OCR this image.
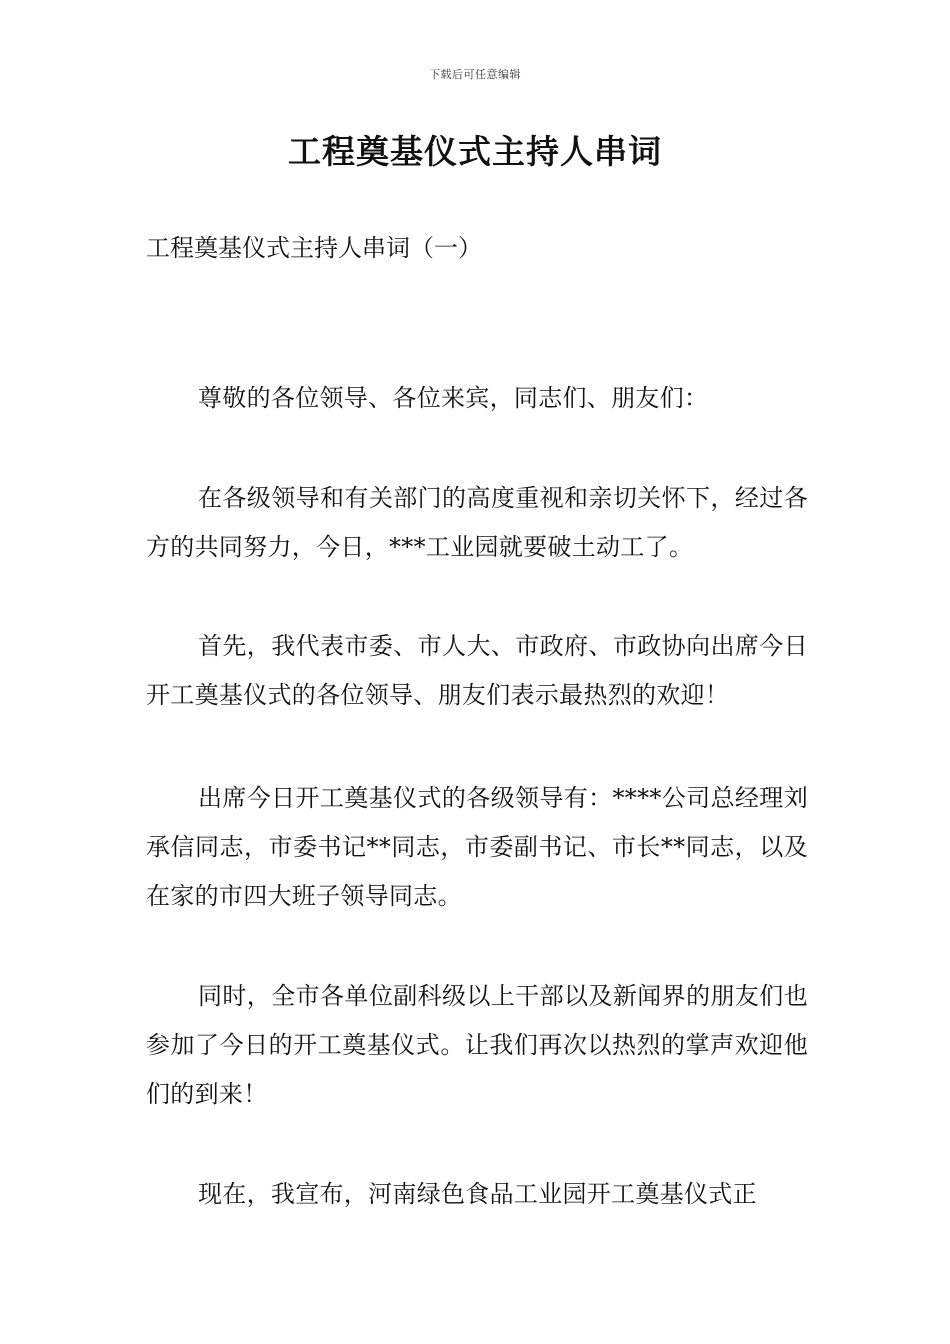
下载后可任意编辑
工程奠基仪式主持人串词
工程奠基仪式主持人串词（一）

尊敬的各位领导、各位来宾，同志们、朋友们：

在各级领导和有关部门的高度重视和亲切关怀下，经过各方的共同努力，今日，***工业园就要破土动工了。

首先，我代表市委、市人大、市政府、市政协向出席今日开工奠基仪式的各位领导、朋友们表示最热烈的欢迎！

出席今日开工奠基仪式的各级领导有：****公司总经理刘承信同志，市委书记**同志，市委副书记、市长**同志，以及在家的市四大班子领导同志。

同时，全市各单位副科级以上干部以及新闻界的朋友们也参加了今日的开工奠基仪式。让我们再次以热烈的掌声欢迎他们的到来！

现在，我宣布，河南绿色食品工业园开工奠基仪式正
